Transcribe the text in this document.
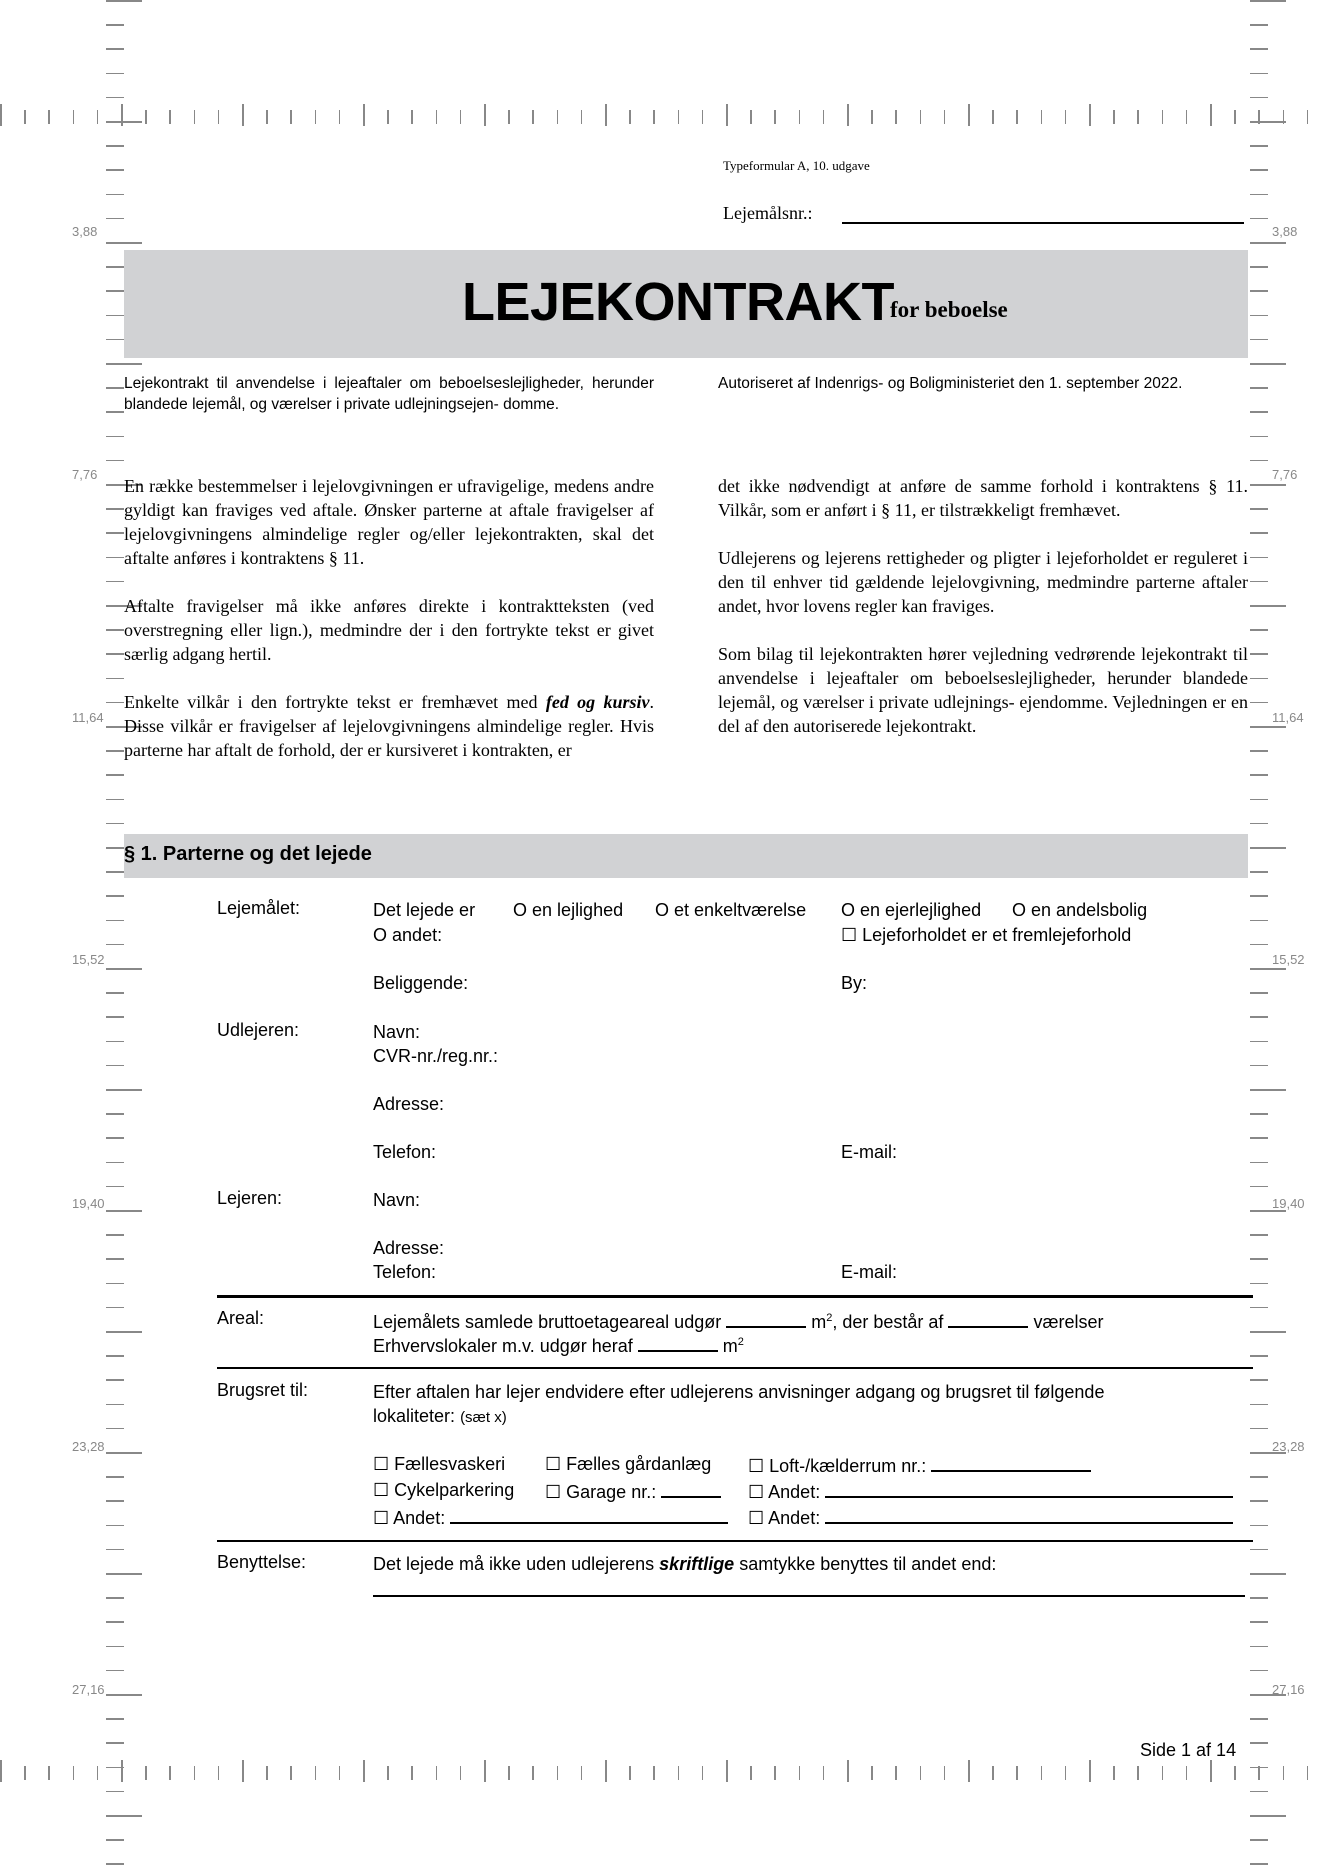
Typeformular A, 10. udgave
Lejemålsnr.:
LEJEKONTRAKT
for beboelse
Lejekontrakt til anvendelse i lejeaftaler om beboelseslejligheder, herunder blandede lejemål, og værelser i private udlejningsejen- domme.
Autoriseret af Indenrigs- og Boligministeriet den 1. september 2022.

En række bestemmelser i lejelovgivningen er ufravigelige, medens andre gyldigt kan fraviges ved aftale. Ønsker parterne at aftale fravigelser af lejelovgivningens almindelige regler og/eller lejekontrakten, skal det aftalte anføres i kontraktens § 11.

Aftalte fravigelser må ikke anføres direkte i kontraktteksten (ved overstregning eller lign.), medmindre der i den fortrykte tekst er givet særlig adgang hertil.

Enkelte vilkår i den fortrykte tekst er fremhævet med fed og kursiv. Disse vilkår er fravigelser af lejelovgivningens almindelige regler. Hvis parterne har aftalt de forhold, der er kursiveret i kontrakten, er

det ikke nødvendigt at anføre de samme forhold i kontraktens § 11. Vilkår, som er anført i § 11, er tilstrækkeligt fremhævet.

Udlejerens og lejerens rettigheder og pligter i lejeforholdet er reguleret i den til enhver tid gældende lejelovgivning, medmindre parterne aftaler andet, hvor lovens regler kan fraviges.

Som bilag til lejekontrakten hører vejledning vedrørende lejekontrakt til anvendelse i lejeaftaler om beboelseslejligheder, herunder blandede lejemål, og værelser i private udlejnings- ejendomme. Vejledningen er en del af den autoriserede lejekontrakt.

§ 1. Parterne og det lejede
Lejemålet:	Det lejede er O en lejlighed O et enkeltværelse O en ejerlejlighed O en andelsbolig
O andet:	☐ Lejeforholdet er et fremlejeforhold
Beliggende:	By:
Udlejeren:	Navn:
CVR-nr./reg.nr.:
Adresse:
Telefon:	E-mail:
Lejeren:	Navn:
Adresse:
Telefon:	E-mail:
Areal:	Lejemålets samlede bruttoetageareal udgør	$m^2$, der består af	værelser
Erhvervslokaler m.v. udgør heraf	$m^2$
Brugsret til:	Efter aftalen har lejer endvidere efter udlejerens anvisninger adgang og brugsret til følgende
lokaliteter: (sæt x)
☐ Fællesvaskeri ☐ Fælles gårdanlæg ☐ Loft-/kælderrum nr.:
☐ Cykelparkering ☐ Garage nr.:	☐ Andet:
☐ Andet:	☐ Andet:
Benyttelse:	Det lejede må ikke uden udlejerens skriftlige samtykke benyttes til andet end:
Side 1 af 14
3,88	3,88
7,76	7,76
11,64	11,64
15,52	15,52
19,40	19,40
23,28	23,28
27,16	27,16
